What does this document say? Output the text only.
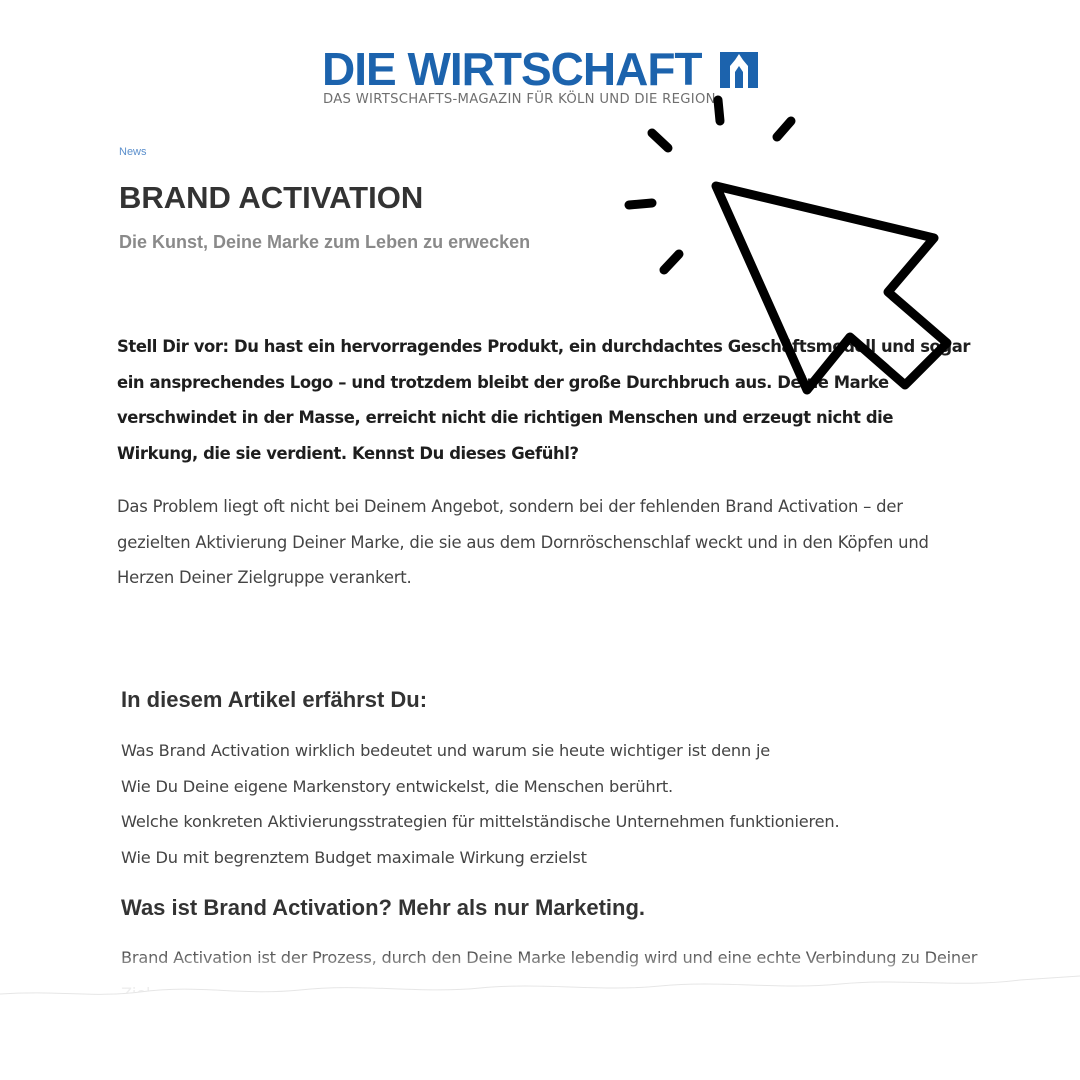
DIE WIRTSCHAFT
DAS WIRTSCHAFTS-MAGAZIN FÜR KÖLN UND DIE REGION
News
BRAND ACTIVATION
Die Kunst, Deine Marke zum Leben zu erwecken

Stell Dir vor: Du hast ein hervorragendes Produkt, ein durchdachtes Geschäftsmodell und sogar ein ansprechendes Logo – und trotzdem bleibt der große Durchbruch aus. Deine Marke verschwindet in der Masse, erreicht nicht die richtigen Menschen und erzeugt nicht die Wirkung, die sie verdient. Kennst Du dieses Gefühl?

Das Problem liegt oft nicht bei Deinem Angebot, sondern bei der fehlenden Brand Activation – der gezielten Aktivierung Deiner Marke, die sie aus dem Dornröschenschlaf weckt und in den Köpfen und Herzen Deiner Zielgruppe verankert.

In diesem Artikel erfährst Du:
Was Brand Activation wirklich bedeutet und warum sie heute wichtiger ist denn je
Wie Du Deine eigene Markenstory entwickelst, die Menschen berührt.
Welche konkreten Aktivierungsstrategien für mittelständische Unternehmen funktionieren.
Wie Du mit begrenztem Budget maximale Wirkung erzielst
Was ist Brand Activation? Mehr als nur Marketing.
